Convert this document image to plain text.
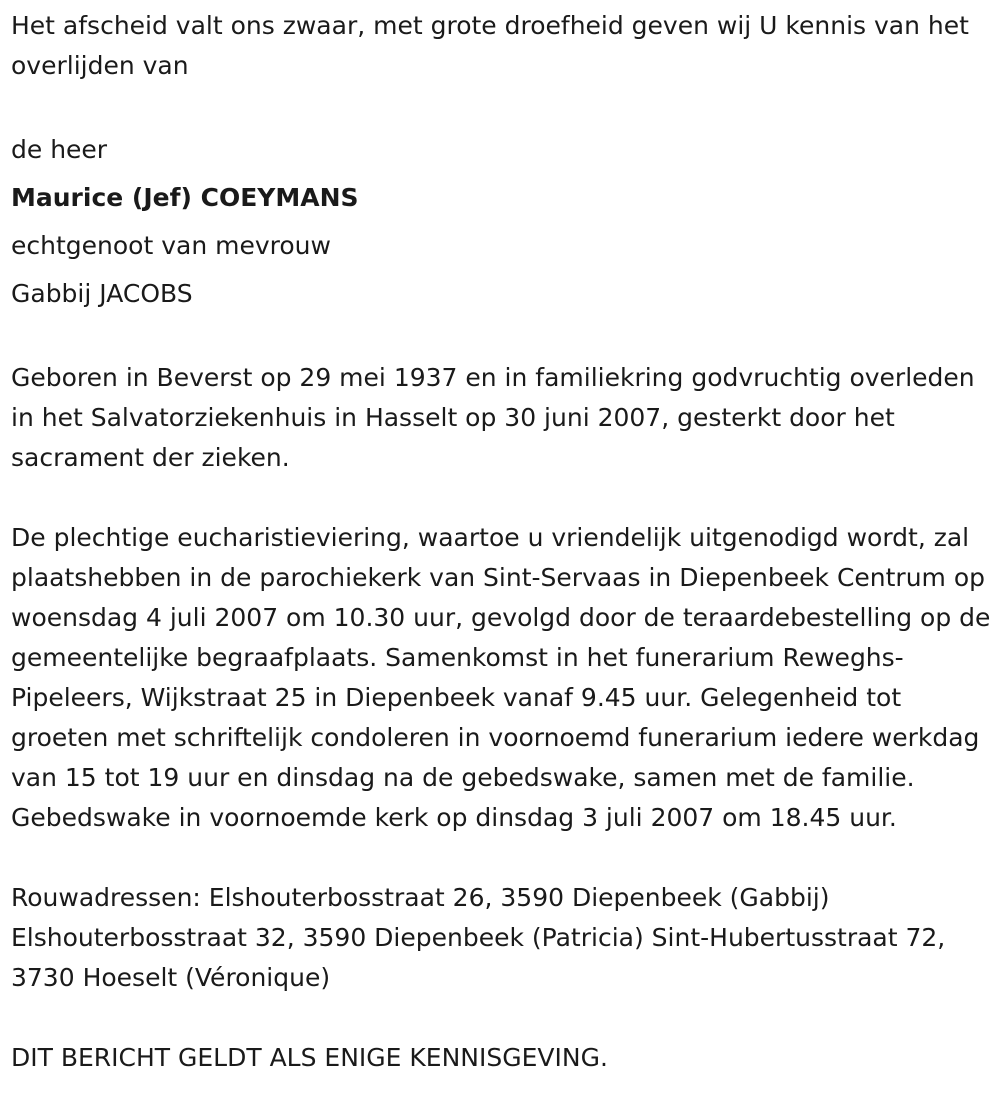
Het afscheid valt ons zwaar, met grote droefheid geven wij U kennis van het overlijden van

de heer

Maurice (Jef) COEYMANS

echtgenoot van mevrouw

Gabbij JACOBS

Geboren in Beverst op 29 mei 1937 en in familiekring godvruchtig overleden in het Salvatorziekenhuis in Hasselt op 30 juni 2007, gesterkt door het sacrament der zieken.

De plechtige eucharistieviering, waartoe u vriendelijk uitgenodigd wordt, zal plaatshebben in de parochiekerk van Sint-Servaas in Diepenbeek Centrum op woensdag 4 juli 2007 om 10.30 uur, gevolgd door de teraardebestelling op de gemeentelijke begraafplaats. Samenkomst in het funerarium Reweghs-Pipeleers, Wijkstraat 25 in Diepenbeek vanaf 9.45 uur. Gelegenheid tot groeten met schriftelijk condoleren in voornoemd funerarium iedere werkdag van 15 tot 19 uur en dinsdag na de gebedswake, samen met de familie. Gebedswake in voornoemde kerk op dinsdag 3 juli 2007 om 18.45 uur.

Rouwadressen: Elshouterbosstraat 26, 3590 Diepenbeek (Gabbij) Elshouterbosstraat 32, 3590 Diepenbeek (Patricia) Sint-Hubertusstraat 72, 3730 Hoeselt (Véronique)

DIT BERICHT GELDT ALS ENIGE KENNISGEVING.
